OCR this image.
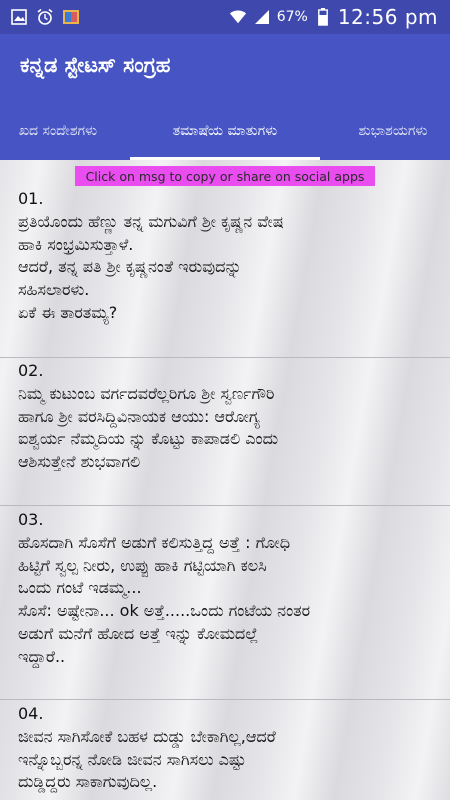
67% 12:56 pm
ಕನ್ನಡ ಸ್ಟೇಟಸ್ ಸಂಗ್ರಹ
ಖದ ಸಂದೇಶಗಳು	ತಮಾಷೆಯ ಮಾತುಗಳು	ಶುಭಾಶಯಗಳು
Click on msg to copy or share on social apps
01.
ಪ್ರತಿಯೊಂದು ಹೆಣ್ಣು ತನ್ನ ಮಗುವಿಗೆ ಶ್ರೀ ಕೃಷ್ಣನ ವೇಷ
ಹಾಕಿ ಸಂಭ್ರಮಿಸುತ್ತಾಳೆ.
ಆದರೆ, ತನ್ನ ಪತಿ ಶ್ರೀ ಕೃಷ್ಣನಂತೆ ಇರುವುದನ್ನು
ಸಹಿಸಲಾರಳು.
ಏಕೆ ಈ ತಾರತಮ್ಯ?
02.
ನಿಮ್ಮ ಕುಟುಂಬ ವರ್ಗದವರೆಲ್ಲರಿಗೂ ಶ್ರೀ ಸ್ವರ್ಣಗೌರಿ
ಹಾಗೂ ಶ್ರೀ ವರಸಿದ್ದಿವಿನಾಯಕ ಆಯು: ಆರೋಗ್ಯ
ಐಶ್ವರ್ಯ ನೆಮ್ಮದಿಯ ನ್ನು ಕೊಟ್ಟು ಕಾಪಾಡಲಿ ಎಂದು
ಆಶಿಸುತ್ತೇನೆ ಶುಭವಾಗಲಿ
03.
ಹೊಸದಾಗಿ ಸೊಸೆಗೆ ಅಡುಗೆ ಕಲಿಸುತ್ತಿದ್ದ ಅತ್ತೆ : ಗೋಧಿ
ಹಿಟ್ಟಿಗೆ ಸ್ವಲ್ಪ ನೀರು, ಉಪ್ಪು ಹಾಕಿ ಗಟ್ಟಿಯಾಗಿ ಕಲಸಿ
ಒಂದು ಗಂಟೆ ಇಡಮ್ಮ...
ಸೊಸೆ: ಅಷ್ಟೇನಾ... ok ಅತ್ತೆ.....ಒಂದು ಗಂಟೆಯ ನಂತರ
ಅಡುಗೆ ಮನೆಗೆ ಹೋದ ಅತ್ತೆ ಇನ್ನು ಕೋಮದಲ್ಲೆ
ಇದ್ದಾರೆ..
04.
ಜೀವನ ಸಾಗಿಸೋಕೆ ಬಹಳ ದುಡ್ಡು ಬೇಕಾಗಿಲ್ಲ,ಆದರೆ
ಇನ್ನೊಬ್ಬರನ್ನ ನೋಡಿ ಜೀವನ ಸಾಗಿಸಲು ಎಷ್ಟು
ದುಡ್ಡಿದ್ದರು ಸಾಕಾಗುವುದಿಲ್ಲ.
